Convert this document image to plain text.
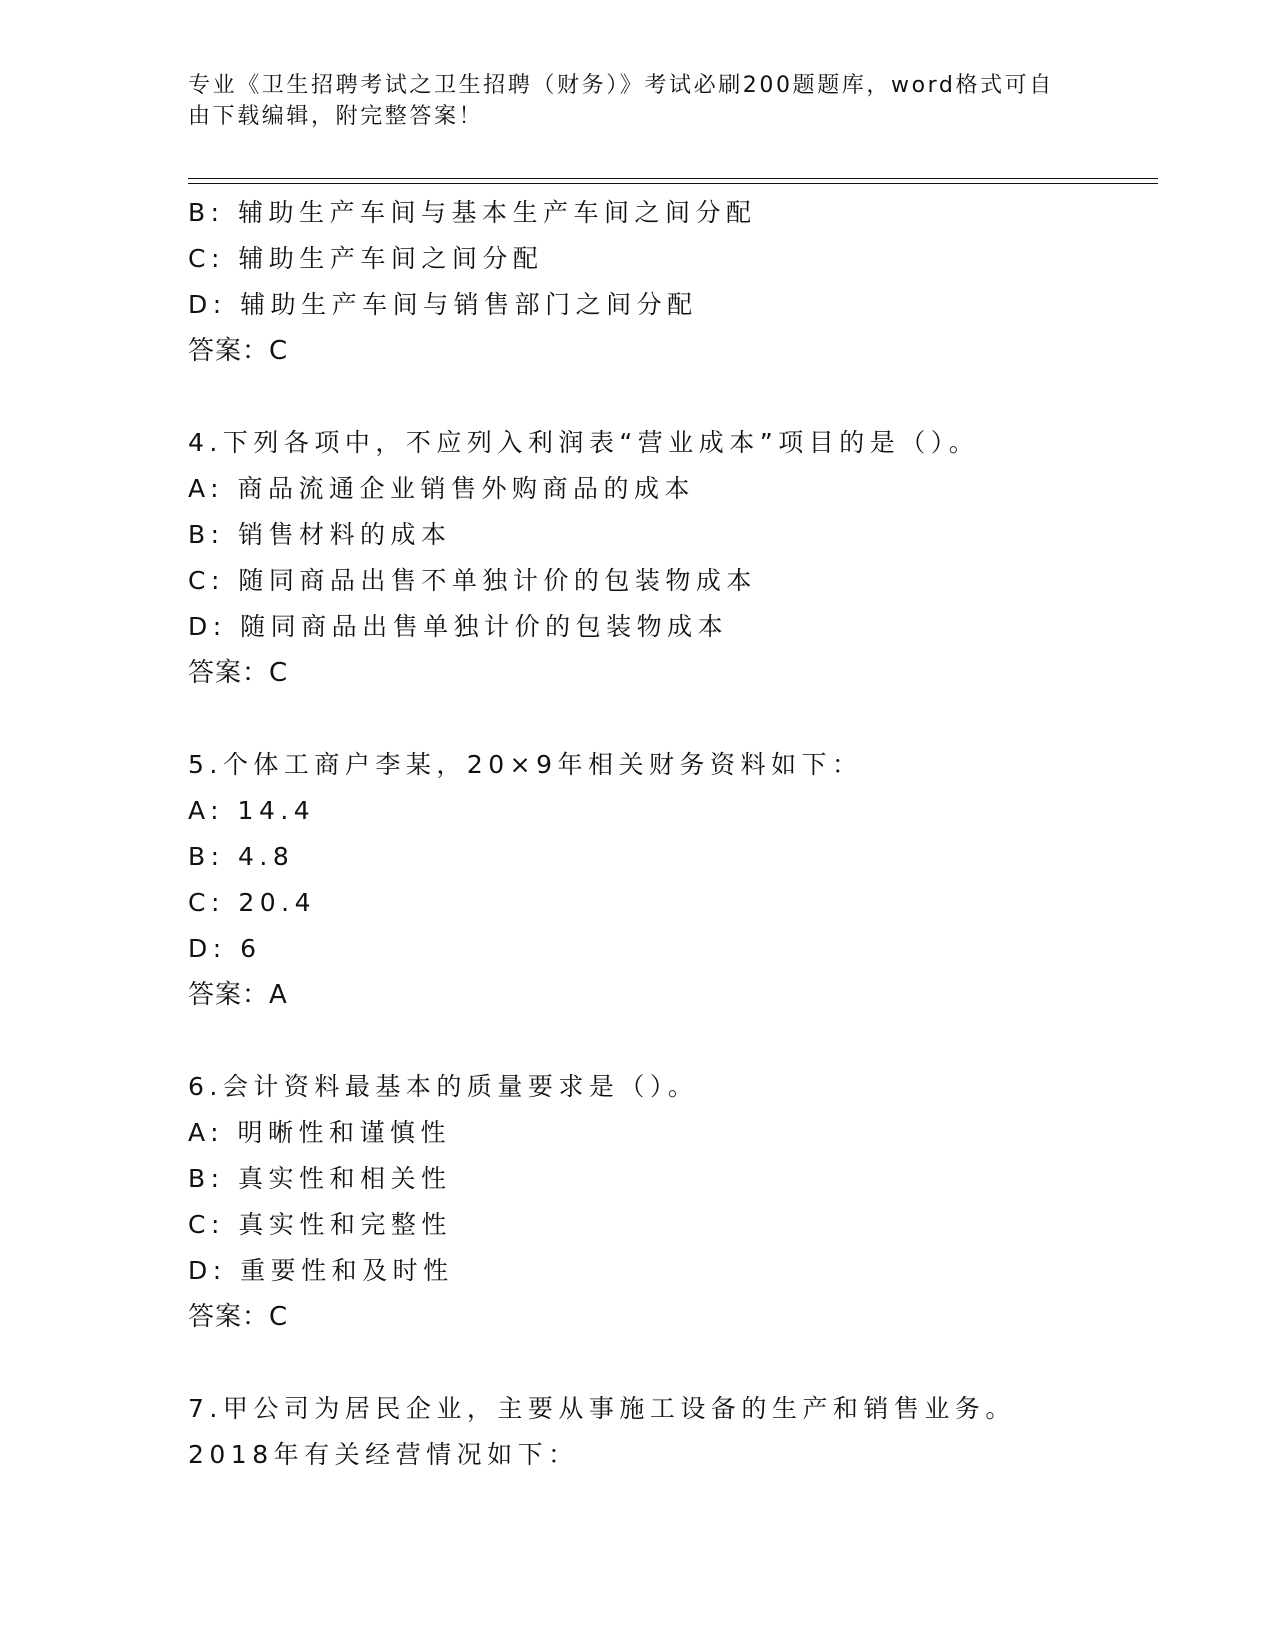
专业《卫生招聘考试之卫生招聘（财务）》考试必刷200题题库，word格式可自由下载编辑，附完整答案！
B: 辅助生产车间与基本生产车间之间分配
C: 辅助生产车间之间分配
D: 辅助生产车间与销售部门之间分配
答案：C
4.下列各项中，不应列入利润表“营业成本”项目的是（）。
A: 商品流通企业销售外购商品的成本
B: 销售材料的成本
C: 随同商品出售不单独计价的包装物成本
D: 随同商品出售单独计价的包装物成本
答案：C
5.个体工商户李某，20×9年相关财务资料如下：
A: 14.4
B: 4.8
C: 20.4
D: 6
答案：A
6.会计资料最基本的质量要求是（）。
A: 明晰性和谨慎性
B: 真实性和相关性
C: 真实性和完整性
D: 重要性和及时性
答案：C
7.甲公司为居民企业，主要从事施工设备的生产和销售业务。2018年有关经营情况如下：
